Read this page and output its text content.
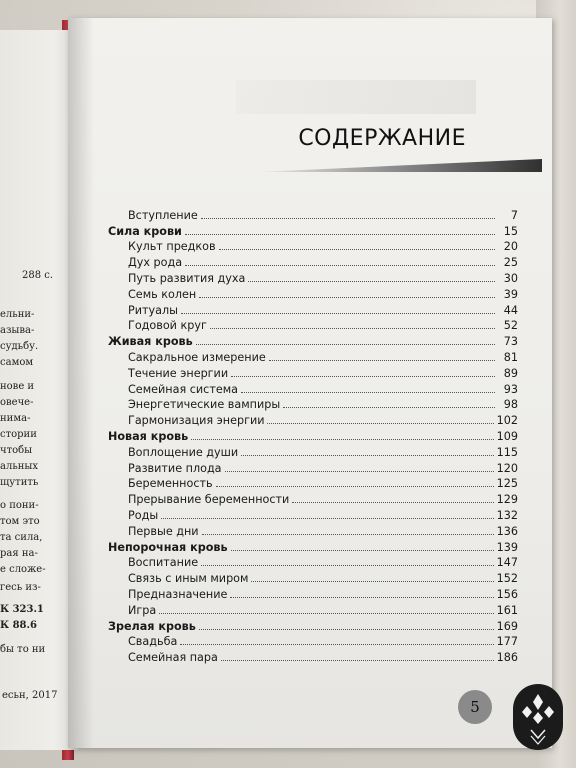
288 с.
ельни-
азыва-
судьбу.
самом
нове и
овече-
нима-
стории
чтобы
альных
щутить
о пони-
том это
та сила,
рая на-
е сложе-
гесь из-
К 323.1
К 88.6
бы то ни
есьн, 2017
СОДЕРЖАНИЕ
Вступление	7
Сила крови	15
Культ предков	20
Дух рода	25
Путь развития духа	30
Семь колен	39
Ритуалы	44
Годовой круг	52
Живая кровь	73
Сакральное измерение	81
Течение энергии	89
Семейная система	93
Энергетические вампиры	98
Гармонизация энергии	102
Новая кровь	109
Воплощение души	115
Развитие плода	120
Беременность	125
Прерывание беременности	129
Роды	132
Первые дни	136
Непорочная кровь	139
Воспитание	147
Связь с иным миром	152
Предназначение	156
Игра	161
Зрелая кровь	169
Свадьба	177
Семейная пара	186
5
